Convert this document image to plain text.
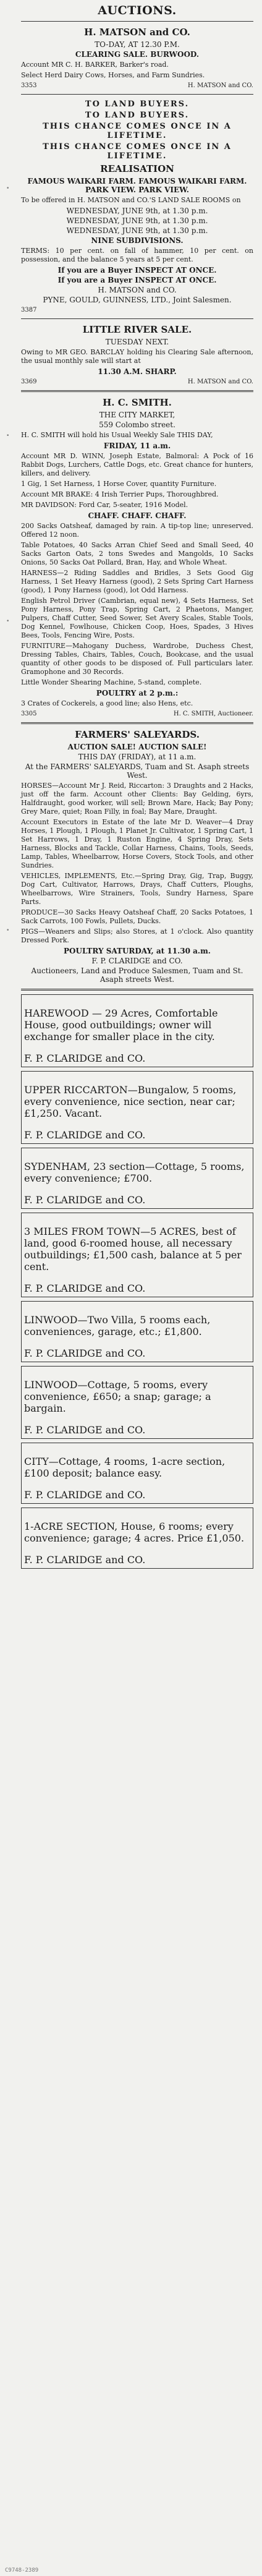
•
•
•
•
AUCTIONS.
H. MATSON and CO.
TO-DAY, AT 12.30 P.M.
CLEARING SALE. BURWOOD.

Account MR C. H. BARKER, Barker's road.

Select Herd Dairy Cows, Horses, and Farm Sundries.

3353	H. MATSON and CO.
TO LAND BUYERS.
TO LAND BUYERS.
THIS CHANCE COMES ONCE IN A LIFETIME.
THIS CHANCE COMES ONCE IN A LIFETIME.
REALISATION
FAMOUS WAIKARI FARM. FAMOUS WAIKARI FARM. PARK VIEW. PARK VIEW.

To be offered in H. MATSON and CO.'S LAND SALE ROOMS on

WEDNESDAY, JUNE 9th, at 1.30 p.m.
WEDNESDAY, JUNE 9th, at 1.30 p.m.
WEDNESDAY, JUNE 9th, at 1.30 p.m.
NINE SUBDIVISIONS.

TERMS: 10 per cent. on fall of hammer, 10 per cent. on possession, and the balance 5 years at 5 per cent.

If you are a Buyer INSPECT AT ONCE.
If you are a Buyer INSPECT AT ONCE.
H. MATSON and CO.
PYNE, GOULD, GUINNESS, LTD., Joint Salesmen.
3387
LITTLE RIVER SALE.
TUESDAY NEXT.

Owing to MR GEO. BARCLAY holding his Clearing Sale afternoon, the usual monthly sale will start at

11.30 A.M. SHARP.
3369	H. MATSON and CO.
H. C. SMITH.
THE CITY MARKET,
559 Colombo street.

H. C. SMITH will hold his Usual Weekly Sale THIS DAY,

FRIDAY, 11 a.m.

Account MR D. WINN, Joseph Estate, Balmoral: A Pock of 16 Rabbit Dogs, Lurchers, Cattle Dogs, etc. Great chance for hunters, killers, and delivery.

1 Gig, 1 Set Harness, 1 Horse Cover, quantity Furniture.

Account MR BRAKE: 4 Irish Terrier Pups, Thoroughbred.

MR DAVIDSON: Ford Car, 5-seater, 1916 Model.

CHAFF. CHAFF. CHAFF.

200 Sacks Oatsheaf, damaged by rain. A tip-top line; unreserved. Offered 12 noon.

Table Potatoes, 40 Sacks Arran Chief Seed and Small Seed, 40 Sacks Garton Oats, 2 tons Swedes and Mangolds, 10 Sacks Onions, 50 Sacks Oat Pollard, Bran, Hay, and Whole Wheat.

HARNESS—2 Riding Saddles and Bridles, 3 Sets Good Gig Harness, 1 Set Heavy Harness (good), 2 Sets Spring Cart Harness (good), 1 Pony Harness (good), lot Odd Harness.

English Petrol Driver (Cambrian, equal new), 4 Sets Harness, Set Pony Harness, Pony Trap, Spring Cart, 2 Phaetons, Manger, Pulpers, Chaff Cutter, Seed Sower, Set Avery Scales, Stable Tools, Dog Kennel, Fowlhouse, Chicken Coop, Hoes, Spades, 3 Hives Bees, Tools, Fencing Wire, Posts.

FURNITURE—Mahogany Duchess, Wardrobe, Duchess Chest, Dressing Tables, Chairs, Tables, Couch, Bookcase, and the usual quantity of other goods to be disposed of. Full particulars later. Gramophone and 30 Records.

Little Wonder Shearing Machine, 5-stand, complete.

POULTRY at 2 p.m.:

3 Crates of Cockerels, a good line; also Hens, etc.

3305	H. C. SMITH, Auctioneer.
FARMERS' SALEYARDS.
AUCTION SALE! AUCTION SALE!
THIS DAY (FRIDAY), at 11 a.m.
At the FARMERS' SALEYARDS, Tuam and St. Asaph streets West.

HORSES—Account Mr J. Reid, Riccarton: 3 Draughts and 2 Hacks, just off the farm. Account other Clients: Bay Gelding, 6yrs, Halfdraught, good worker, will sell; Brown Mare, Hack; Bay Pony; Grey Mare, quiet; Roan Filly, in foal; Bay Mare, Draught.

Account Executors in Estate of the late Mr D. Weaver—4 Dray Horses, 1 Plough, 1 Plough, 1 Planet Jr. Cultivator, 1 Spring Cart, 1 Set Harrows, 1 Dray, 1 Ruston Engine, 4 Spring Dray, Sets Harness, Blocks and Tackle, Collar Harness, Chains, Tools, Seeds, Lamp, Tables, Wheelbarrow, Horse Covers, Stock Tools, and other Sundries.

VEHICLES, IMPLEMENTS, Etc.—Spring Dray, Gig, Trap, Buggy, Dog Cart, Cultivator, Harrows, Drays, Chaff Cutters, Ploughs, Wheelbarrows, Wire Strainers, Tools, Sundry Harness, Spare Parts.

PRODUCE—30 Sacks Heavy Oatsheaf Chaff, 20 Sacks Potatoes, 1 Sack Carrots, 100 Fowls, Pullets, Ducks.

PIGS—Weaners and Slips; also Stores, at 1 o'clock. Also quantity Dressed Pork.

POULTRY SATURDAY, at 11.30 a.m.
F. P. CLARIDGE and CO.
Auctioneers, Land and Produce Salesmen, Tuam and St. Asaph streets West.

HAREWOOD — 29 Acres, Comfortable House, good outbuildings; owner will exchange for smaller place in the city.

F. P. CLARIDGE and CO.

UPPER RICCARTON—Bungalow, 5 rooms, every convenience, nice section, near car; £1,250. Vacant.

F. P. CLARIDGE and CO.

SYDENHAM, 23 section—Cottage, 5 rooms, every convenience; £700.

F. P. CLARIDGE and CO.

3 MILES FROM TOWN—5 ACRES, best of land, good 6-roomed house, all necessary outbuildings; £1,500 cash, balance at 5 per cent.

F. P. CLARIDGE and CO.

LINWOOD—Two Villa, 5 rooms each, conveniences, garage, etc.; £1,800.

F. P. CLARIDGE and CO.

LINWOOD—Cottage, 5 rooms, every convenience, £650; a snap; garage; a bargain.

F. P. CLARIDGE and CO.

CITY—Cottage, 4 rooms, 1-acre section, £100 deposit; balance easy.

F. P. CLARIDGE and CO.

1-ACRE SECTION, House, 6 rooms; every convenience; garage; 4 acres. Price £1,050.

F. P. CLARIDGE and CO.
C9748-2389
